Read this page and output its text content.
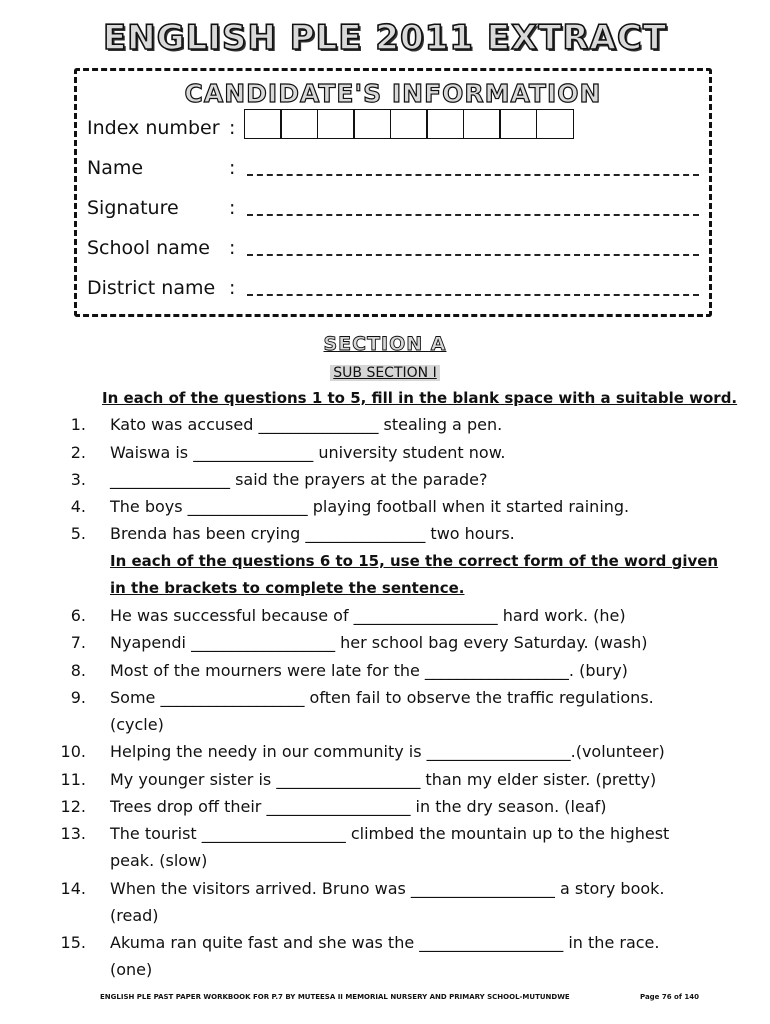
ENGLISH PLE 2011 EXTRACT
CANDIDATE'S INFORMATION
Index number :
Name	:
Signature	:
School name :
District name :
SECTION A
SUB SECTION I
In each of the questions 1 to 5, fill in the blank space with a suitable word.
1. Kato was accused _______________ stealing a pen.
2. Waiswa is _______________ university student now.
3. _______________ said the prayers at the parade?
4. The boys _______________ playing football when it started raining.
5. Brenda has been crying _______________ two hours.
In each of the questions 6 to 15, use the correct form of the word given
in the brackets to complete the sentence.
6. He was successful because of __________________ hard work. (he)
7. Nyapendi __________________ her school bag every Saturday. (wash)
8. Most of the mourners were late for the __________________. (bury)
9. Some __________________ often fail to observe the traffic regulations.
(cycle)
10. Helping the needy in our community is __________________.(volunteer)
11. My younger sister is __________________ than my elder sister. (pretty)
12. Trees drop off their __________________ in the dry season. (leaf)
13. The tourist __________________ climbed the mountain up to the highest
peak. (slow)
14. When the visitors arrived. Bruno was __________________ a story book.
(read)
15. Akuma ran quite fast and she was the __________________ in the race.
(one)
ENGLISH PLE PAST PAPER WORKBOOK FOR P.7 BY MUTEESA II MEMORIAL NURSERY AND PRIMARY SCHOOL-MUTUNDWE	Page 76 of 140
